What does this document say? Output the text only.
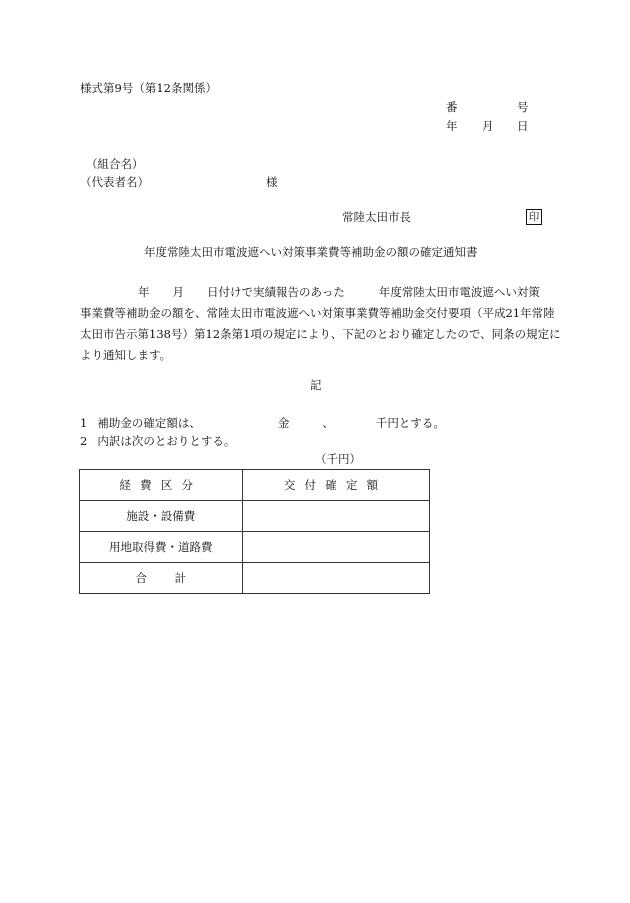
様式第9号（第12条関係）
番	号
年 月 日
（組合名）
（代表者名）	様
常陸太田市長	印
年度常陸太田市電波遮へい対策事業費等補助金の額の確定通知書
年 月 日付けで実績報告のあった	年度常陸太田市電波遮へい対策
事業費等補助金の額を、常陸太田市電波遮へい対策事業費等補助金交付要項（平成21年常陸
太田市告示第138号）第12条第1項の規定により、下記のとおり確定したので、同条の規定に
より通知します。
記
1 補助金の確定額は、	金	、	千円とする。
2 内訳は次のとおりとする。
（千円）
経費区分	交付確定額
施設・設備費	
用地取得費・道路費	
合計	
